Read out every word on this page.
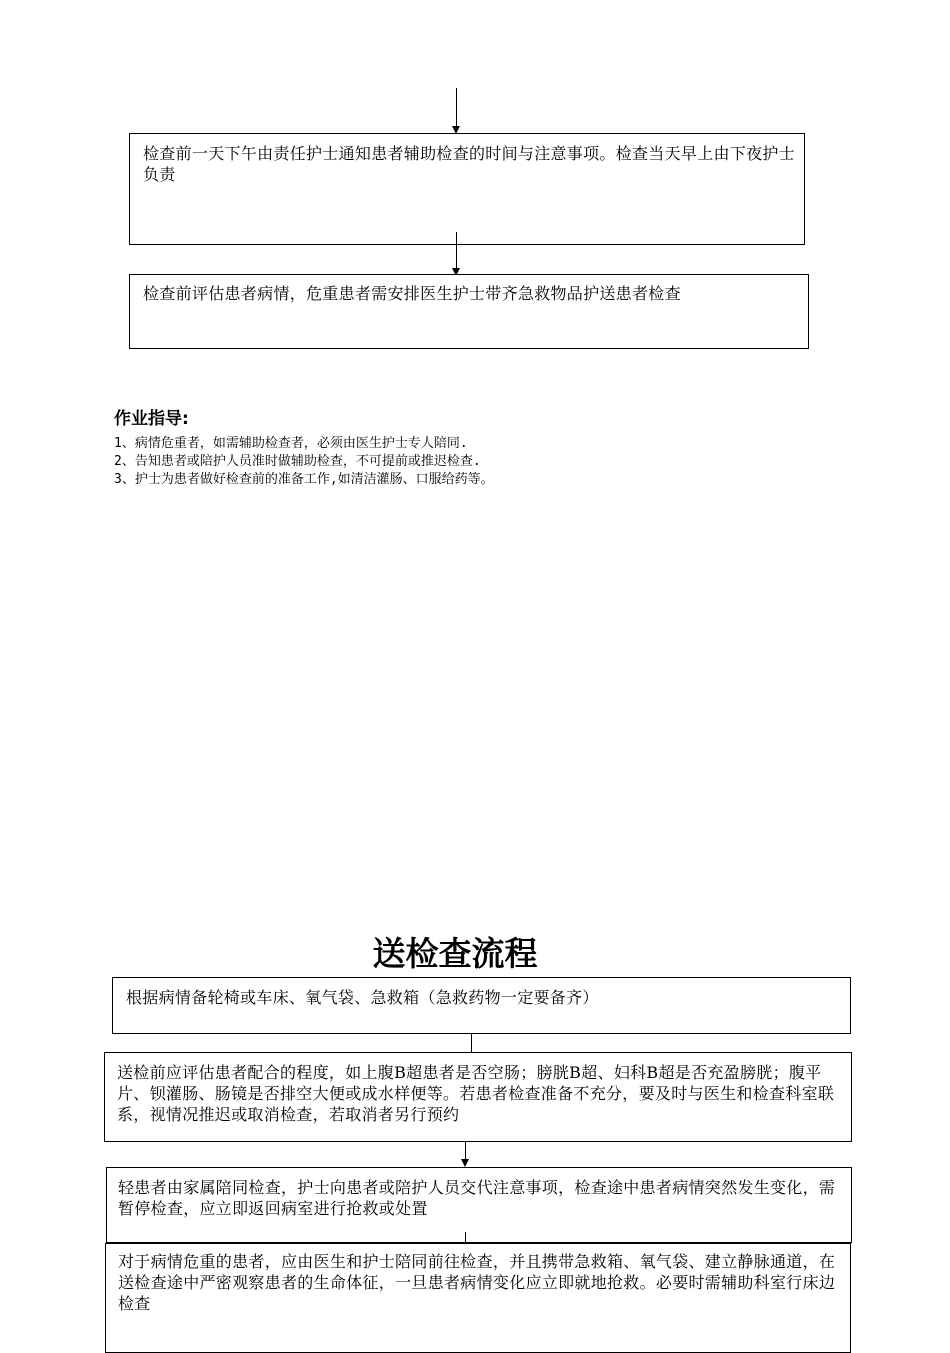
检查前一天下午由责任护士通知患者辅助检查的时间与注意事项。检查当天早上由下夜护士负责
检查前评估患者病情，危重患者需安排医生护士带齐急救物品护送患者检查
作业指导:
1、病情危重者，如需辅助检查者，必须由医生护士专人陪同.
2、告知患者或陪护人员准时做辅助检查，不可提前或推迟检查.
3、护士为患者做好检查前的准备工作,如清洁灌肠、口服给药等。
送检查流程
根据病情备轮椅或车床、氧气袋、急救箱（急救药物一定要备齐）
送检前应评估患者配合的程度，如上腹B超患者是否空肠；膀胱B超、妇科B超是否充盈膀胱；腹平片、钡灌肠、肠镜是否排空大便或成水样便等。若患者检查准备不充分，要及时与医生和检查科室联系，视情况推迟或取消检查，若取消者另行预约
轻患者由家属陪同检查，护士向患者或陪护人员交代注意事项，检查途中患者病情突然发生变化，需暂停检查，应立即返回病室进行抢救或处置
对于病情危重的患者，应由医生和护士陪同前往检查，并且携带急救箱、氧气袋、建立静脉通道，在送检查途中严密观察患者的生命体征，一旦患者病情变化应立即就地抢救。必要时需辅助科室行床边检查
